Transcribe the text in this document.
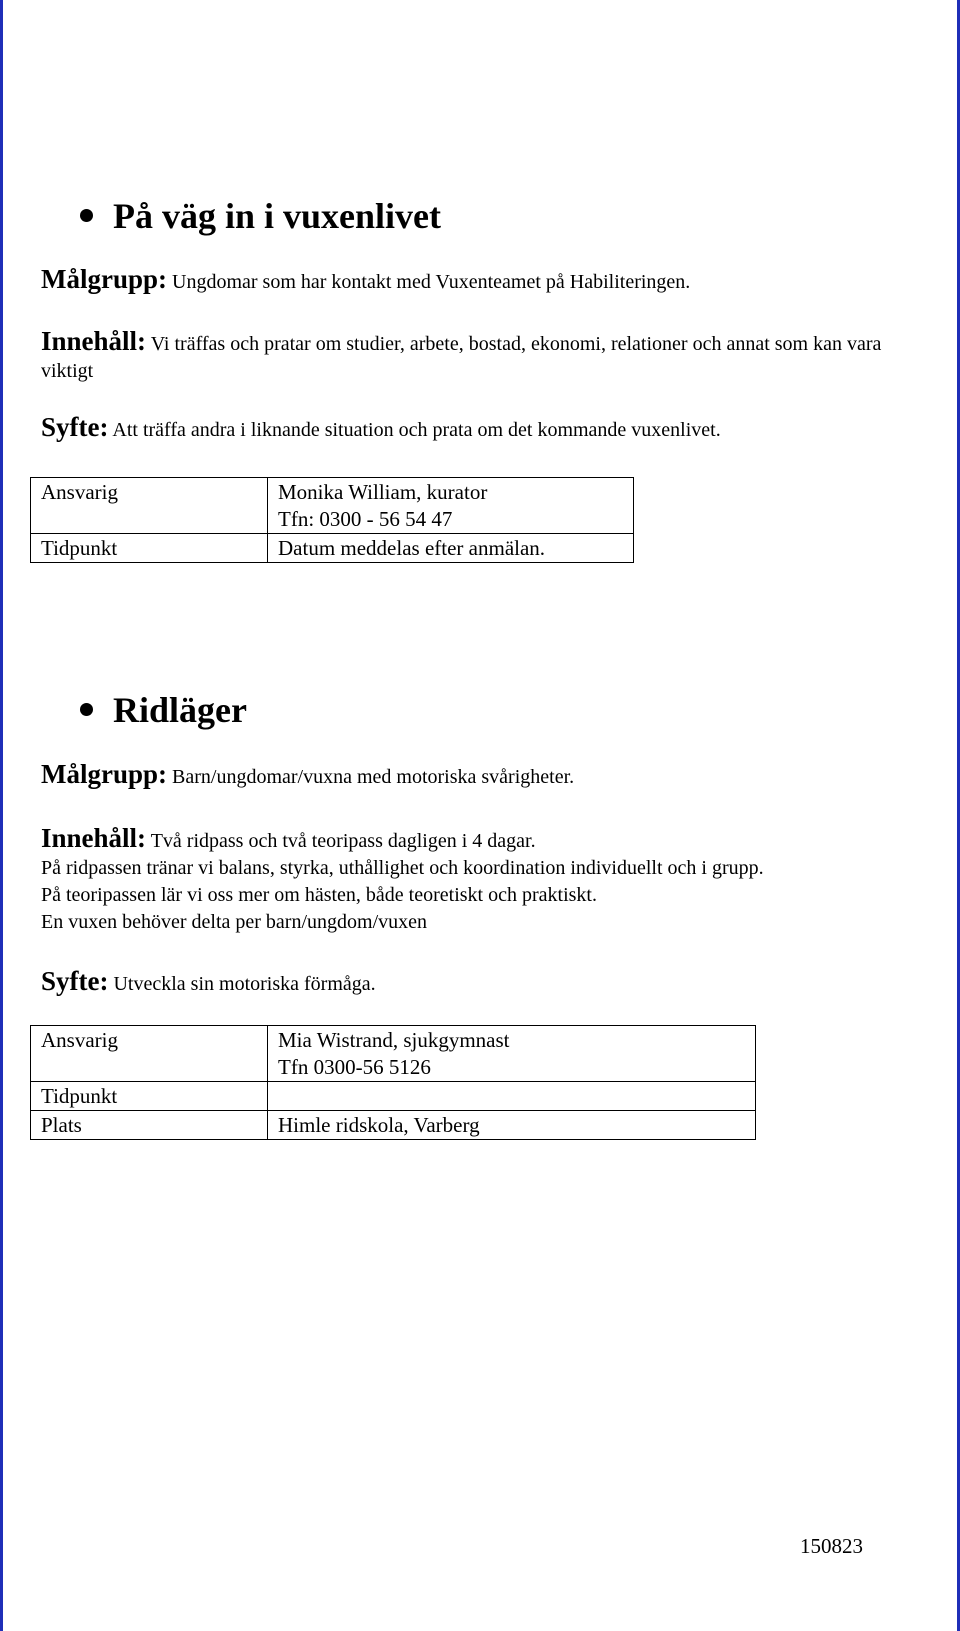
På väg in i vuxenlivet
Målgrupp: Ungdomar som har kontakt med Vuxenteamet på Habiliteringen.
Innehåll: Vi träffas och pratar om studier, arbete, bostad, ekonomi, relationer och annat som kan vara viktigt
Syfte: Att träffa andra i liknande situation och prata om det kommande vuxenlivet.
Ansvarig	Monika William, kurator
Tfn: 0300 - 56 54 47

Tidpunkt	Datum meddelas efter anmälan.
Ridläger
Målgrupp: Barn/ungdomar/vuxna med motoriska svårigheter.
Innehåll: Två ridpass och två teoripass dagligen i 4 dagar.
På ridpassen tränar vi balans, styrka, uthållighet och koordination individuellt och i grupp.
På teoripassen lär vi oss mer om hästen, både teoretiskt och praktiskt.
En vuxen behöver delta per barn/ungdom/vuxen
Syfte: Utveckla sin motoriska förmåga.
Ansvarig	Mia Wistrand, sjukgymnast
Tfn 0300-56 5126

Tidpunkt	
Plats	Himle ridskola, Varberg
150823
